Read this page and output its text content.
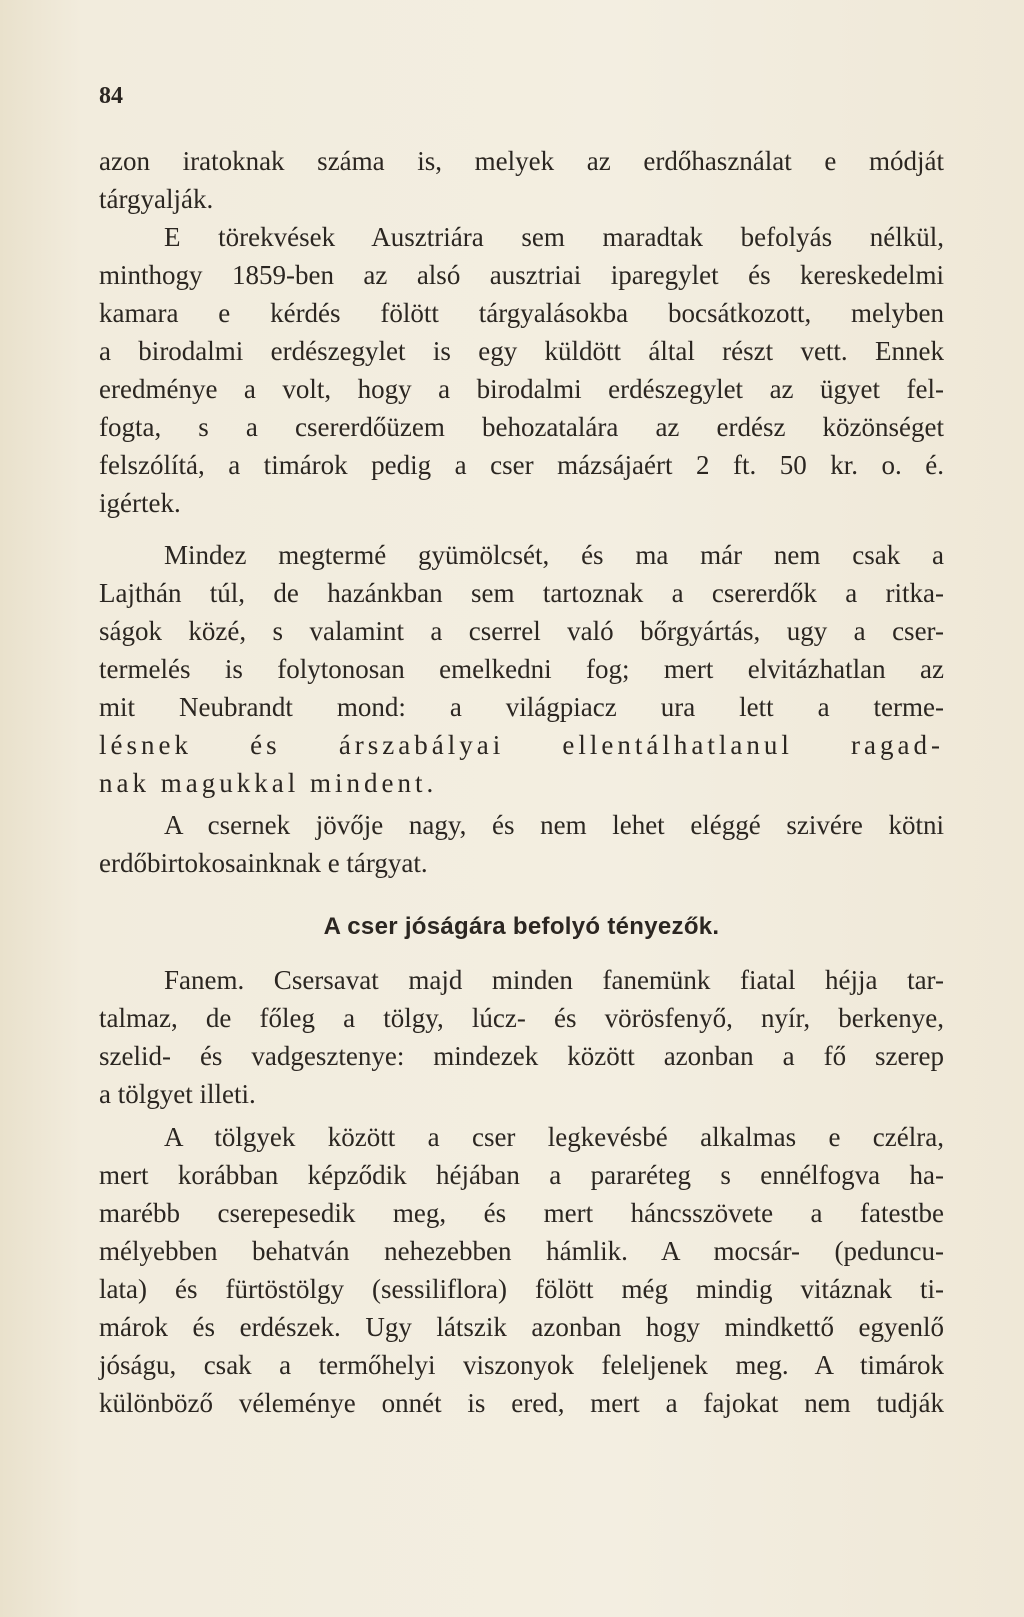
84
azon iratoknak száma is, melyek az erdőhasználat e módját
tárgyalják.
E törekvések Ausztriára sem maradtak befolyás nélkül,
minthogy 1859-ben az alsó ausztriai iparegylet és kereskedelmi
kamara e kérdés fölött tárgyalásokba bocsátkozott, melyben
a birodalmi erdészegylet is egy küldött által részt vett. Ennek
eredménye a volt, hogy a birodalmi erdészegylet az ügyet fel-
fogta, s a csererdőüzem behozatalára az erdész közönséget
felszólítá, a timárok pedig a cser mázsájaért 2 ft. 50 kr. o. é.
igértek.
Mindez megtermé gyümölcsét, és ma már nem csak a
Lajthán túl, de hazánkban sem tartoznak a csererdők a ritka-
ságok közé, s valamint a cserrel való bőrgyártás, ugy a cser-
termelés is folytonosan emelkedni fog; mert elvitázhatlan az
mit Neubrandt mond: a világpiacz ura lett a terme-
lésnek és árszabályai ellentálhatlanul ragad-
nak magukkal mindent.
A csernek jövője nagy, és nem lehet eléggé szivére kötni
erdőbirtokosainknak e tárgyat.
A cser jóságára befolyó tényezők.
Fanem. Csersavat majd minden fanemünk fiatal héjja tar-
talmaz, de főleg a tölgy, lúcz- és vörösfenyő, nyír, berkenye,
szelid- és vadgesztenye: mindezek között azonban a fő szerep
a tölgyet illeti.
A tölgyek között a cser legkevésbé alkalmas e czélra,
mert korábban képződik héjában a pararéteg s ennélfogva ha-
marébb cserepesedik meg, és mert háncsszövete a fatestbe
mélyebben behatván nehezebben hámlik. A mocsár- (peduncu-
lata) és fürtöstölgy (sessiliflora) fölött még mindig vitáznak ti-
márok és erdészek. Ugy látszik azonban hogy mindkettő egyenlő
jóságu, csak a termőhelyi viszonyok feleljenek meg. A timárok
különböző véleménye onnét is ered, mert a fajokat nem tudják
